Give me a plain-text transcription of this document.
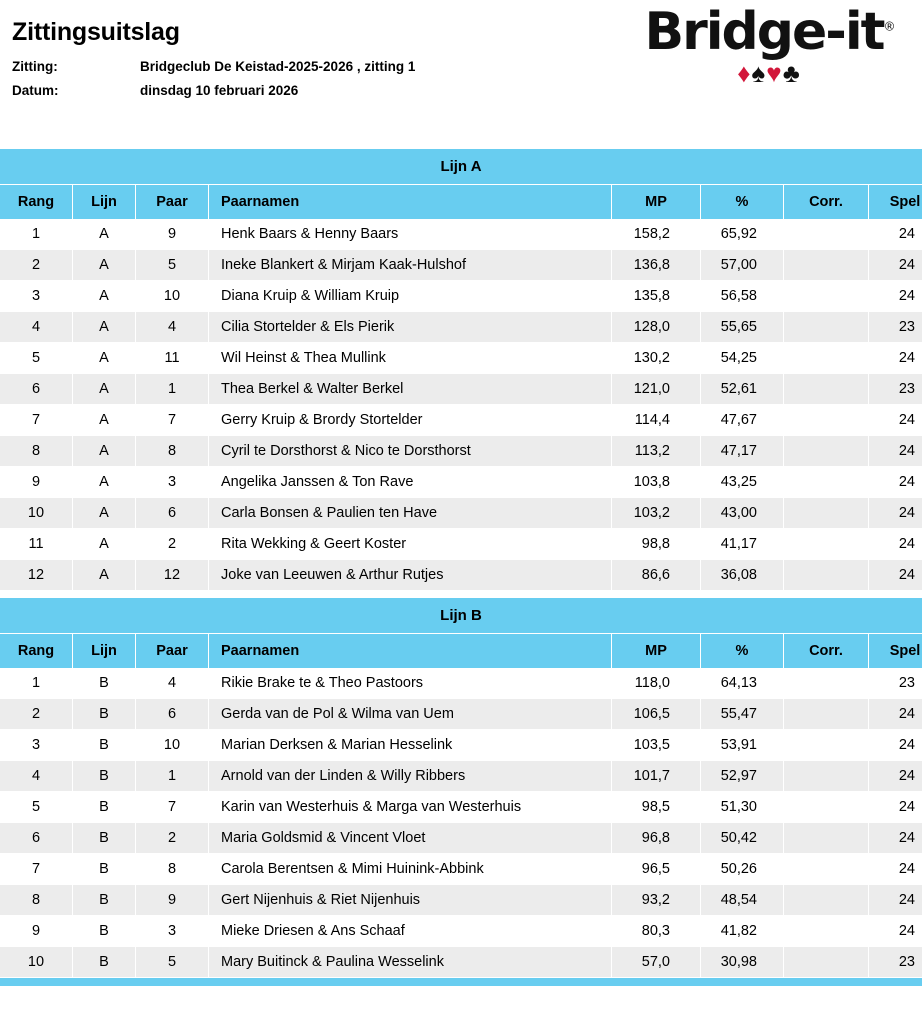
Zittingsuitslag
Zitting:	Bridgeclub De Keistad-2025-2026 , zitting 1
Datum:	dinsdag 10 februari 2026
Bridge-it®
♦♠♥♣
Lijn A
Rang	Lijn	Paar	Paarnamen	MP	%	Corr.	Spel
1	A	9	Henk Baars & Henny Baars	158,2	65,92		24
2	A	5	Ineke Blankert & Mirjam Kaak-Hulshof	136,8	57,00		24
3	A	10	Diana Kruip & William Kruip	135,8	56,58		24
4	A	4	Cilia Stortelder & Els Pierik	128,0	55,65		23
5	A	11	Wil Heinst & Thea Mullink	130,2	54,25		24
6	A	1	Thea Berkel & Walter Berkel	121,0	52,61		23
7	A	7	Gerry Kruip & Brordy Stortelder	114,4	47,67		24
8	A	8	Cyril te Dorsthorst & Nico te Dorsthorst	113,2	47,17		24
9	A	3	Angelika Janssen & Ton Rave	103,8	43,25		24
10	A	6	Carla Bonsen & Paulien ten Have	103,2	43,00		24
11	A	2	Rita Wekking & Geert Koster	98,8	41,17		24
12	A	12	Joke van Leeuwen & Arthur Rutjes	86,6	36,08		24
Lijn B
Rang	Lijn	Paar	Paarnamen	MP	%	Corr.	Spel
1	B	4	Rikie Brake te & Theo Pastoors	118,0	64,13		23
2	B	6	Gerda van de Pol & Wilma van Uem	106,5	55,47		24
3	B	10	Marian Derksen & Marian Hesselink	103,5	53,91		24
4	B	1	Arnold van der Linden & Willy Ribbers	101,7	52,97		24
5	B	7	Karin van Westerhuis & Marga van Westerhuis	98,5	51,30		24
6	B	2	Maria Goldsmid & Vincent Vloet	96,8	50,42		24
7	B	8	Carola Berentsen & Mimi Huinink-Abbink	96,5	50,26		24
8	B	9	Gert Nijenhuis & Riet Nijenhuis	93,2	48,54		24
9	B	3	Mieke Driesen & Ans Schaaf	80,3	41,82		24
10	B	5	Mary Buitinck & Paulina Wesselink	57,0	30,98		23
